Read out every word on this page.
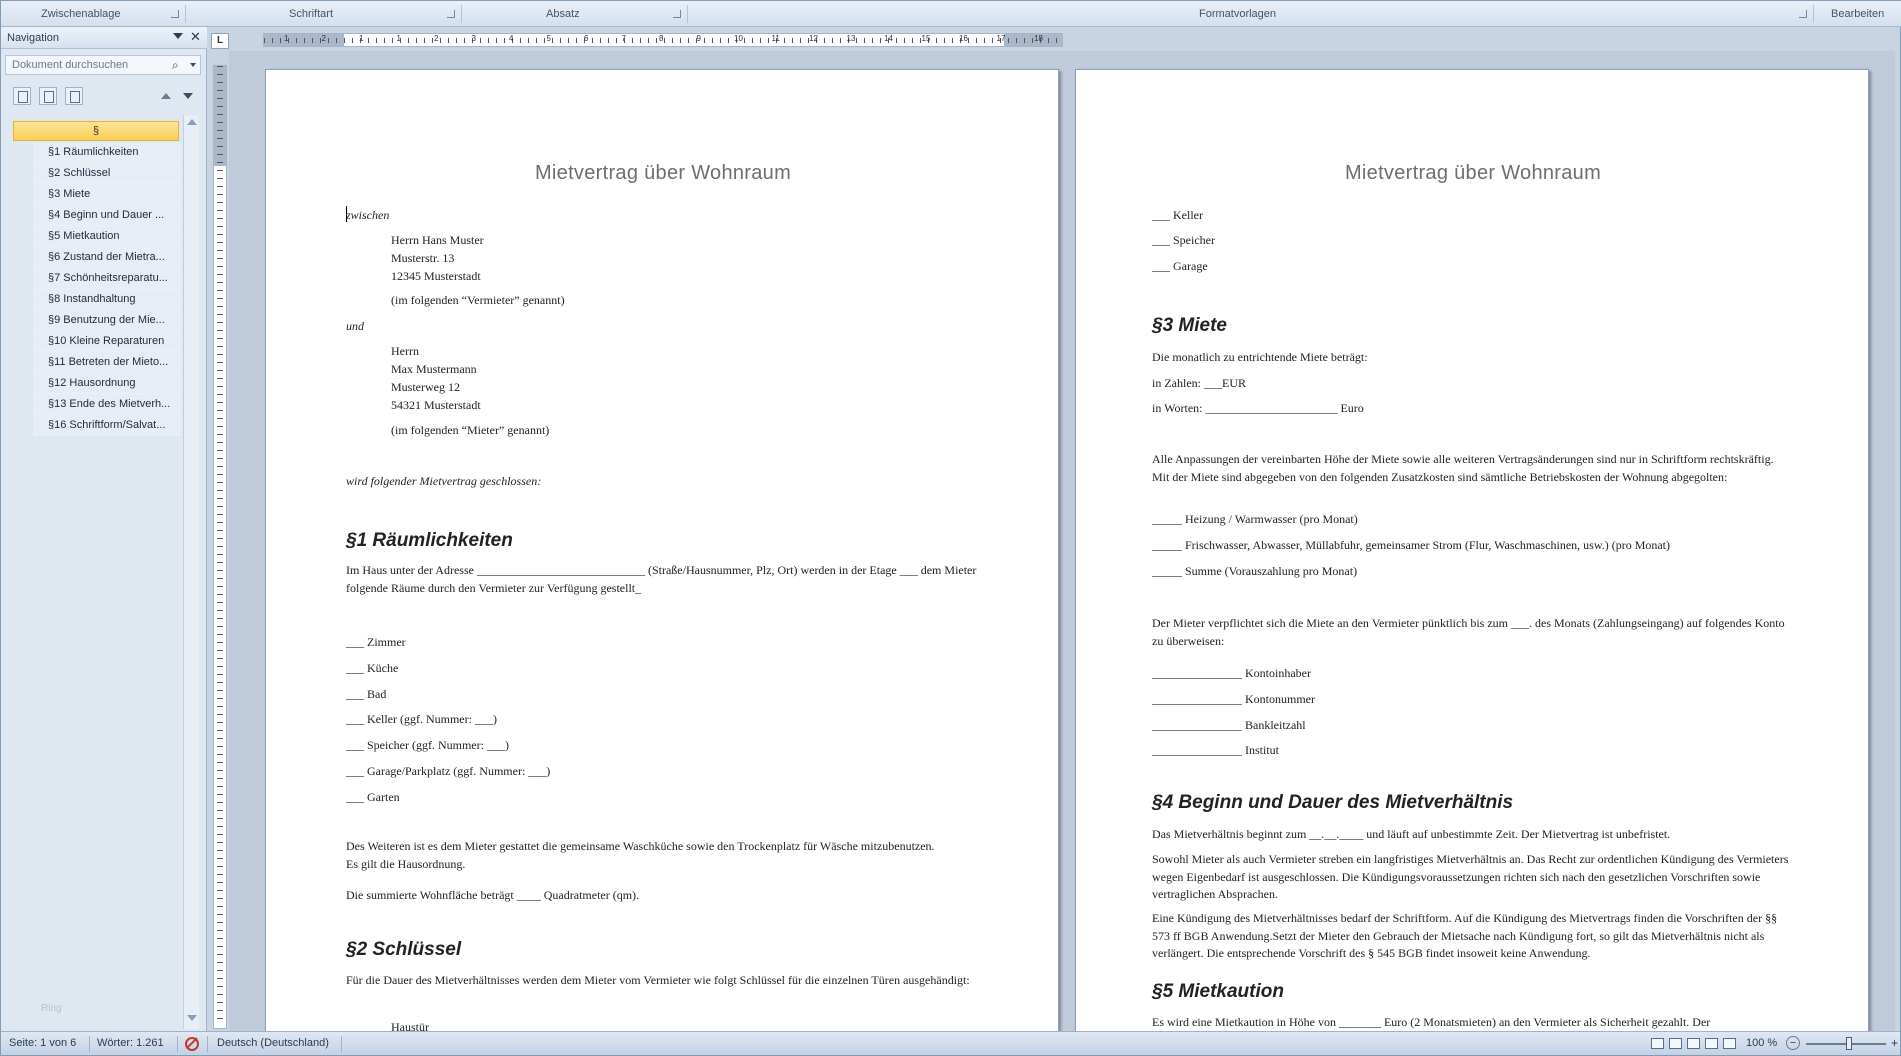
Zwischenablage	Schriftart	Absatz	Formatvorlagen	Bearbeiten
Navigation	✕
Dokument durchsuchen	⌕
§
§1 Räumlichkeiten
§2 Schlüssel
§3 Miete
§4 Beginn und Dauer ...
§5 Mietkaution
§6 Zustand der Mietra...
§7 Schönheitsreparatu...
§8 Instandhaltung
§9 Benutzung der Mie...
§10 Kleine Reparaturen
§11 Betreten der Mieto...
§12 Hausordnung
§13 Ende des Mietverh...
§16 Schriftform/Salvat...
Ring
L	1	2	1	1	2	3	4	5	6	7	8	9	10	11	12	13	14	15	16	17	18
Mietvertrag über Wohnraum
zwischen
Herrn Hans Muster
Musterstr. 13
12345 Musterstadt
(im folgenden “Vermieter” genannt)
und
Herrn
Max Mustermann
Musterweg 12
54321 Musterstadt
(im folgenden “Mieter” genannt)
wird folgender Mietvertrag geschlossen:
§1 Räumlichkeiten
Im Haus unter der Adresse ____________________________ (Straße/Hausnummer, Plz, Ort) werden in der Etage ___ dem Mieter folgende Räume durch den Vermieter zur Verfügung gestellt_
___ Zimmer
___ Küche
___ Bad
___ Keller (ggf. Nummer: ___)
___ Speicher (ggf. Nummer: ___)
___ Garage/Parkplatz (ggf. Nummer: ___)
___ Garten
Des Weiteren ist es dem Mieter gestattet die gemeinsame Waschküche sowie den Trockenplatz für Wäsche mitzubenutzen. Es gilt die Hausordnung.
Die summierte Wohnfläche beträgt ____ Quadratmeter (qm).
§2 Schlüssel
Für die Dauer des Mietverhältnisses werden dem Mieter vom Vermieter wie folgt Schlüssel für die einzelnen Türen ausgehändigt:
Haustür
Mietvertrag über Wohnraum
___ Keller
___ Speicher
___ Garage
§3 Miete
Die monatlich zu entrichtende Miete beträgt:
in Zahlen: ___EUR
in Worten: ______________________ Euro
Alle Anpassungen der vereinbarten Höhe der Miete sowie alle weiteren Vertragsänderungen sind nur in Schriftform rechtskräftig. Mit der Miete sind abgegeben von den folgenden Zusatzkosten sind sämtliche Betriebskosten der Wohnung abgegolten:
_____ Heizung / Warmwasser (pro Monat)
_____ Frischwasser, Abwasser, Müllabfuhr, gemeinsamer Strom (Flur, Waschmaschinen, usw.) (pro Monat)
_____ Summe (Vorauszahlung pro Monat)
Der Mieter verpflichtet sich die Miete an den Vermieter pünktlich bis zum ___. des Monats (Zahlungseingang) auf folgendes Konto zu überweisen:
_______________ Kontoinhaber
_______________ Kontonummer
_______________ Bankleitzahl
_______________ Institut
§4 Beginn und Dauer des Mietverhältnis
Das Mietverhältnis beginnt zum __.__.____ und läuft auf unbestimmte Zeit. Der Mietvertrag ist unbefristet.
Sowohl Mieter als auch Vermieter streben ein langfristiges Mietverhältnis an. Das Recht zur ordentlichen Kündigung des Vermieters wegen Eigenbedarf ist ausgeschlossen. Die Kündigungsvoraussetzungen richten sich nach den gesetzlichen Vorschriften sowie vertraglichen Absprachen.
Eine Kündigung des Mietverhältnisses bedarf der Schriftform. Auf die Kündigung des Mietvertrags finden die Vorschriften der §§ 573 ff BGB Anwendung.Setzt der Mieter den Gebrauch der Mietsache nach Kündigung fort, so gilt das Mietverhältnis nicht als verlängert. Die entsprechende Vorschrift des § 545 BGB findet insoweit keine Anwendung.
§5 Mietkaution
Es wird eine Mietkaution in Höhe von _______ Euro (2 Monatsmieten) an den Vermieter als Sicherheit gezahlt. Der
Seite: 1 von 6 Wörter: 1.261	Deutsch (Deutschland)	100 %	−	+
